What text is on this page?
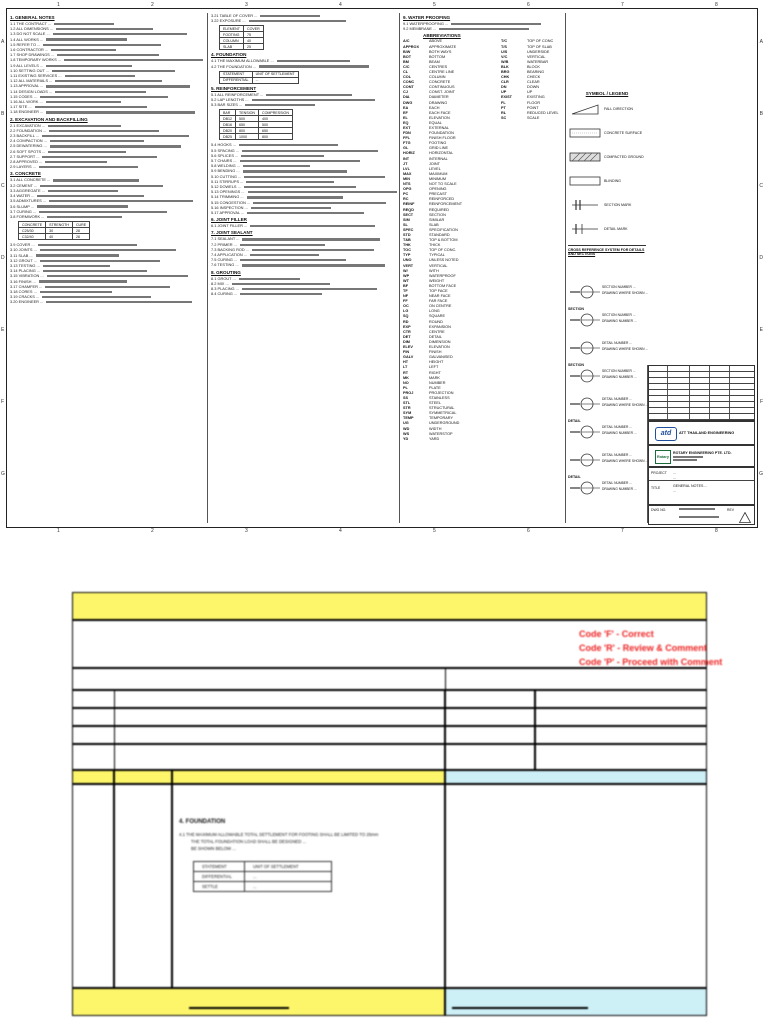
1
1
2
2
3
3
4
4
5
5
6
6
7
7
8
8
A	A
B	B
C	C
D	D
E	E
F	F
G	G
1. GENERAL NOTES
1.1 THE CONTRACT ...
1.2 ALL DIMENSIONS ...
1.3 DO NOT SCALE ...
1.4 ALL WORKS ...
1.5 REFER TO ...
1.6 CONTRACTOR ...
1.7 SHOP DRAWINGS ...
1.8 TEMPORARY WORKS ...
1.9 ALL LEVELS ...
1.10 SETTING OUT ...
1.11 EXISTING SERVICES ...
1.12 ALL MATERIALS ...
1.13 APPROVAL ...
1.14 DESIGN LOADS ...
1.15 CODES ...
1.16 ALL WORK ...
1.17 SITE ...
1.18 ENGINEER ...
2. EXCAVATION AND BACKFILLING
2.1 EXCAVATION ...
2.2 FOUNDATION ...
2.3 BACKFILL ...
2.4 COMPACTION ...
2.5 DEWATERING ...
2.6 SOFT SPOTS ...
2.7 SUPPORT ...
2.8 APPROVED ...
2.9 LAYERS ...
3. CONCRETE
3.1 ALL CONCRETE ...
3.2 CEMENT ...
3.3 AGGREGATE ...
3.4 WATER ...
3.5 ADMIXTURES ...
3.6 SLUMP ...
3.7 CURING ...
3.8 FORMWORK ...
CONCRETE	STRENGTH	CURE
C25/30	30	28
C32/40	40	28
3.9 COVER ...
3.10 JOINTS ...
3.11 SLAB ...
3.12 GROUT ...
3.13 TESTING ...
3.14 PLACING ...
3.15 VIBRATION ...
3.16 FINISH ...
3.17 CHAMFER ...
3.18 CORES ...
3.19 CRACKS ...
3.20 ENGINEER ...
3.21 TABLE OF COVER ...
3.22 EXPOSURE ...
ELEMENT	COVER
FOOTING	75
COLUMN	40
SLAB	25
4. FOUNDATION
4.1 THE MAXIMUM ALLOWABLE ...
4.2 THE FOUNDATION ...
STATEMENT	UNIT OF SETTLEMENT
DIFFERENTIAL	...
5. REINFORCEMENT
5.1 ALL REINFORCEMENT ...
5.2 LAP LENGTHS ...
5.3 BAR SIZES ...
BAR	TENSION	COMPRESSION
DB12	500	400
DB16	650	500
DB20	800	650
DB25	1000	800
5.4 HOOKS ...
5.5 SPACING ...
5.6 SPLICES ...
5.7 CHAIRS ...
5.8 WELDING ...
5.9 BENDING ...
5.10 CUTTING ...
5.11 STIRRUPS ...
5.12 DOWELS ...
5.13 OPENINGS ...
5.14 TRIMMING ...
5.15 CONGESTION ...
5.16 INSPECTION ...
5.17 APPROVAL ...
6. JOINT FILLER
6.1 JOINT FILLER ...
7. JOINT SEALANT
7.1 SEALANT ...
7.2 PRIMER ...
7.3 BACKING ROD ...
7.4 APPLICATION ...
7.5 CURING ...
7.6 TESTING ...
8. GROUTING
8.1 GROUT ...
8.2 MIX ...
8.3 PLACING ...
8.4 CURING ...
9. WATER PROOFING
9.1 WATERPROOFING ...
9.2 MEMBRANE ...
ABBREVIATIONS
A/C	ABOVE
APPROX	APPROXIMATE
B/W	BOTH WAYS
BOT	BOTTOM
BM	BEAM
C/C	CENTRES
CL	CENTRE LINE
COL	COLUMN
CONC	CONCRETE
CONT	CONTINUOUS
CJ	CONST. JOINT
DIA	DIAMETER
DWG	DRAWING
EA	EACH
EF	EACH FACE
EL	ELEVATION
EQ	EQUAL
EXT	EXTERNAL
FDN	FOUNDATION
FFL	FINISH FLOOR
FTG	FOOTING
GL	GRID LINE
HORIZ	HORIZONTAL
INT	INTERNAL
JT	JOINT
LVL	LEVEL
MAX	MAXIMUM
MIN	MINIMUM
NTS	NOT TO SCALE
OPG	OPENING
PC	PRECAST
RC	REINFORCED
REINF	REINFORCEMENT
REQD	REQUIRED
SECT	SECTION
SIM	SIMILAR
SL	SLAB
SPEC	SPECIFICATION
STD	STANDARD
T&B	TOP & BOTTOM
THK	THICK
TOC	TOP OF CONC.
TYP	TYPICAL
UNO	UNLESS NOTED
VERT	VERTICAL
W/	WITH
WP	WATERPROOF
WT	WEIGHT
BF	BOTTOM FACE
TF	TOP FACE
NF	NEAR FACE
FF	FAR FACE
OC	ON CENTRE
LG	LONG
SQ	SQUARE
RD	ROUND
EXP	EXPANSION
CTR	CENTRE
DET	DETAIL
DIM	DIMENSION
ELEV	ELEVATION
FIN	FINISH
GALV	GALVANISED
HT	HEIGHT
LT	LEFT
RT	RIGHT
MK	MARK
NO	NUMBER
PL	PLATE
PROJ	PROJECTION
SS	STAINLESS
STL	STEEL
STR	STRUCTURAL
SYM	SYMMETRICAL
TEMP	TEMPORARY
UG	UNDERGROUND
WD	WIDTH
WS	WATERSTOP
YD	YARD
T/C	TOP OF CONC
T/S	TOP OF SLAB
U/S	UNDERSIDE
V/C	VERTICAL
W/B	WATERBAR
BLK	BLOCK
BRG	BEARING
CHK	CHECK
CLR	CLEAR
DN	DOWN
UP	UP
EXIST	EXISTING
FL	FLOOR
PT	POINT
RL	REDUCED LEVEL
SC	SCALE
SYMBOL / LEGEND
FALL DIRECTION
CONCRETE SURFACE
COMPACTED GROUND
BLINDING
SECTION MARK
DETAIL MARK
CROSS REFERENCE SYSTEM FOR DETAILS AND SECTIONS
atd	ATT THAILAND ENGINEERING
Rotary
ROTARY ENGINEERING PTE. LTD.
PROJECT ...
...
TITLE	GENERAL NOTES ...
...
DWG NO.	REV
SECTION NUMBER ...
DRAWING WHERE SHOWN ...
SECTION
SECTION NUMBER ...
DRAWING NUMBER ...
DETAIL NUMBER ...
DRAWING WHERE SHOWN ...
SECTION
SECTION NUMBER ...
DRAWING NUMBER ...
DETAIL NUMBER ...
DRAWING WHERE SHOWN ...
DETAIL
DETAIL NUMBER ...
DRAWING NUMBER ...
DETAIL NUMBER ...
DRAWING WHERE SHOWN ...
DETAIL
DETAIL NUMBER ...
DRAWING NUMBER ...
Code 'F' - Correct
Code 'R' - Review & Comment
Code 'P' - Proceed with Comment
4. FOUNDATION
4.1 THE MAXIMUM ALLOWABLE TOTAL SETTLEMENT FOR FOOTING SHALL BE LIMITED TO 25mm
THE TOTAL FOUNDATION LOAD SHALL BE DESIGNED ...
BE SHOWN BELOW ...
STATEMENT	UNIT OF SETTLEMENT
DIFFERENTIAL	...
SETTLE	...
